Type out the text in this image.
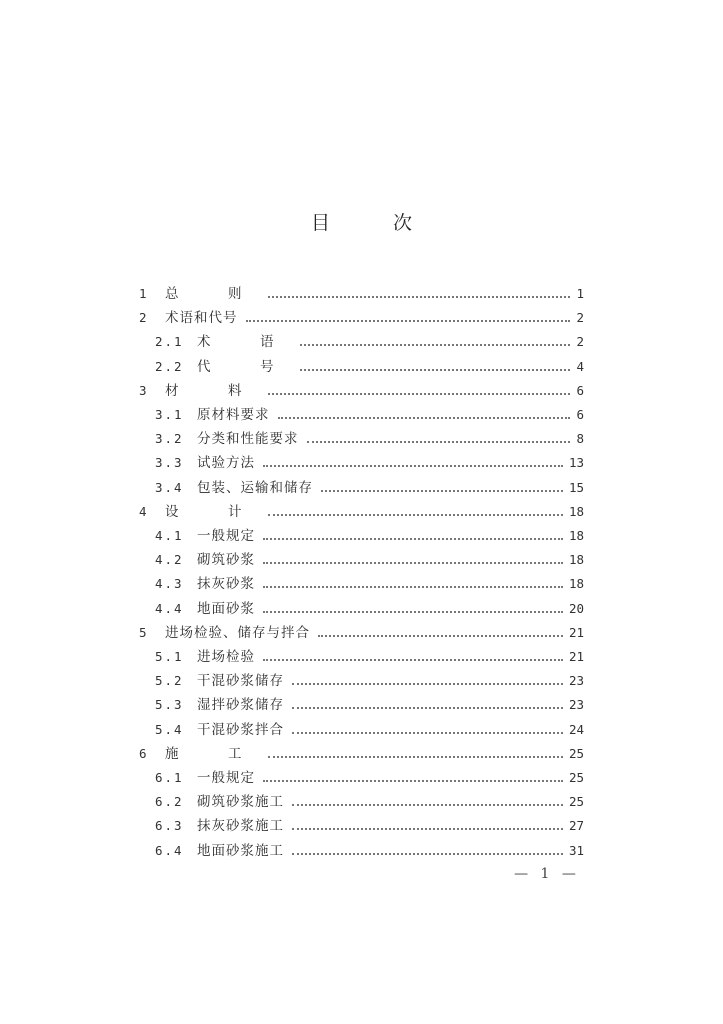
目　次
1	总　则	1
2	术语和代号	2
2.1 术　语	2
2.2 代　号	4
3	材　料	6
3.1 原材料要求	6
3.2 分类和性能要求	8
3.3 试验方法	13
3.4 包装、运输和储存	15
4	设　计	18
4.1 一般规定	18
4.2 砌筑砂浆	18
4.3 抹灰砂浆	18
4.4 地面砂浆	20
5	进场检验、储存与拌合	21
5.1 进场检验	21
5.2 干混砂浆储存	23
5.3 湿拌砂浆储存	23
5.4 干混砂浆拌合	24
6	施　工	25
6.1 一般规定	25
6.2 砌筑砂浆施工	25
6.3 抹灰砂浆施工	27
6.4 地面砂浆施工	31
— 1 —
